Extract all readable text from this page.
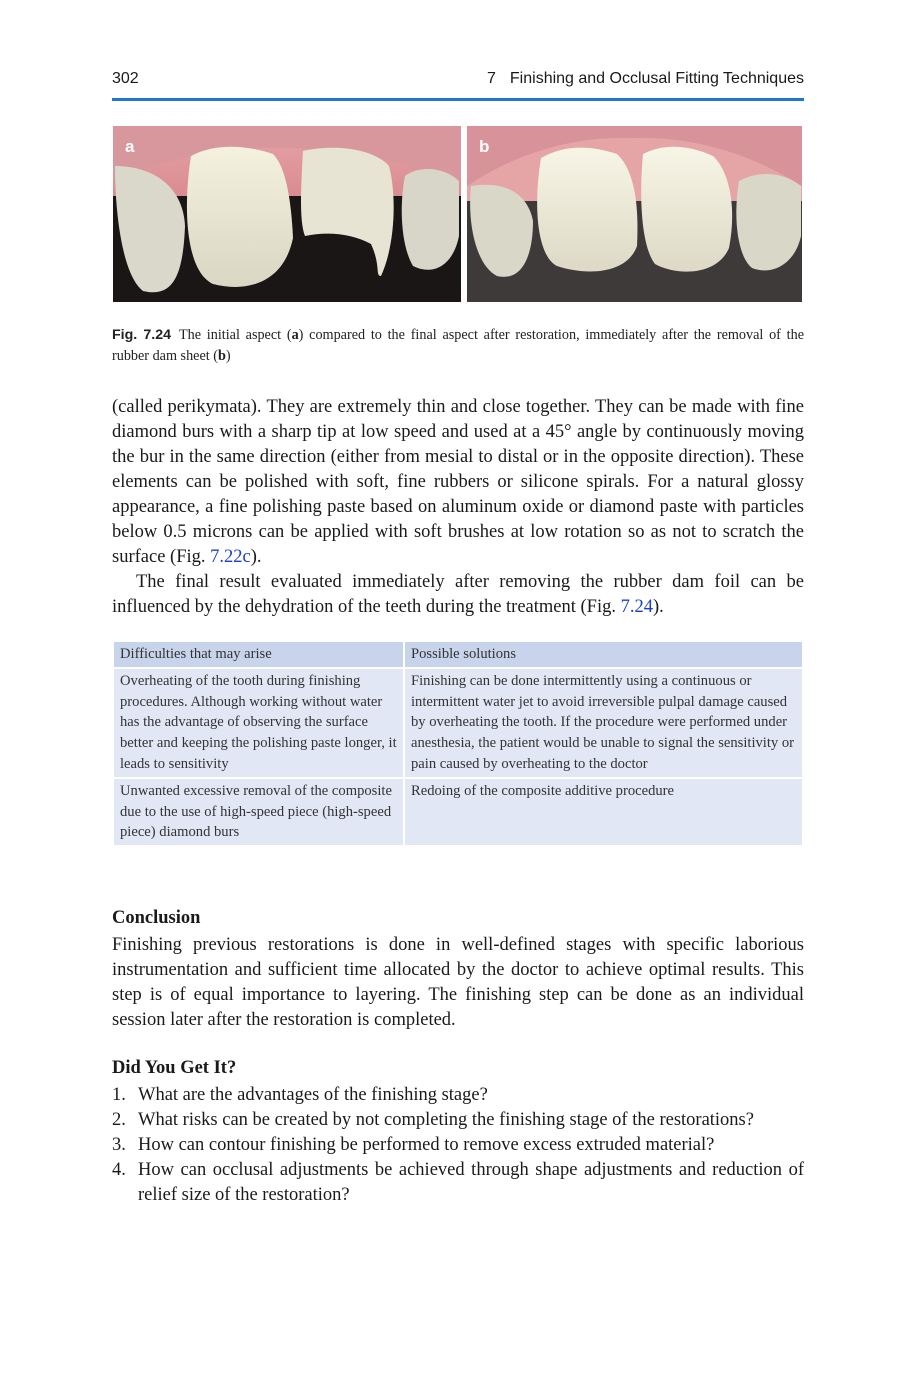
302	7 Finishing and Occlusal Fitting Techniques
a	b
Fig. 7.24 The initial aspect (a) compared to the final aspect after restoration, immediately after the removal of the rubber dam sheet (b)
(called perikymata). They are extremely thin and close together. They can be made with fine diamond burs with a sharp tip at low speed and used at a 45° angle by continuously moving the bur in the same direction (either from mesial to distal or in the opposite direction). These elements can be polished with soft, fine rubbers or silicone spirals. For a natural glossy appearance, a fine polishing paste based on aluminum oxide or diamond paste with particles below 0.5 microns can be applied with soft brushes at low rotation so as not to scratch the surface (Fig. 7.22c).
The final result evaluated immediately after removing the rubber dam foil can be influenced by the dehydration of the teeth during the treatment (Fig. 7.24).
Difficulties that may arise	Possible solutions
Overheating of the tooth during finishing procedures. Although working without water has the advantage of observing the surface better and keeping the polishing paste longer, it leads to sensitivity	Finishing can be done intermittently using a continuous or intermittent water jet to avoid irreversible pulpal damage caused by overheating the tooth. If the procedure were performed under anesthesia, the patient would be unable to signal the sensitivity or pain caused by overheating to the doctor
Unwanted excessive removal of the composite due to the use of high-speed piece (high-speed piece) diamond burs	Redoing of the composite additive procedure
Conclusion
Finishing previous restorations is done in well-defined stages with specific laborious instrumentation and sufficient time allocated by the doctor to achieve optimal results. This step is of equal importance to layering. The finishing step can be done as an individual session later after the restoration is completed.
Did You Get It?
1. What are the advantages of the finishing stage?
2. What risks can be created by not completing the finishing stage of the restorations?
3. How can contour finishing be performed to remove excess extruded material?
4. How can occlusal adjustments be achieved through shape adjustments and reduction of relief size of the restoration?
